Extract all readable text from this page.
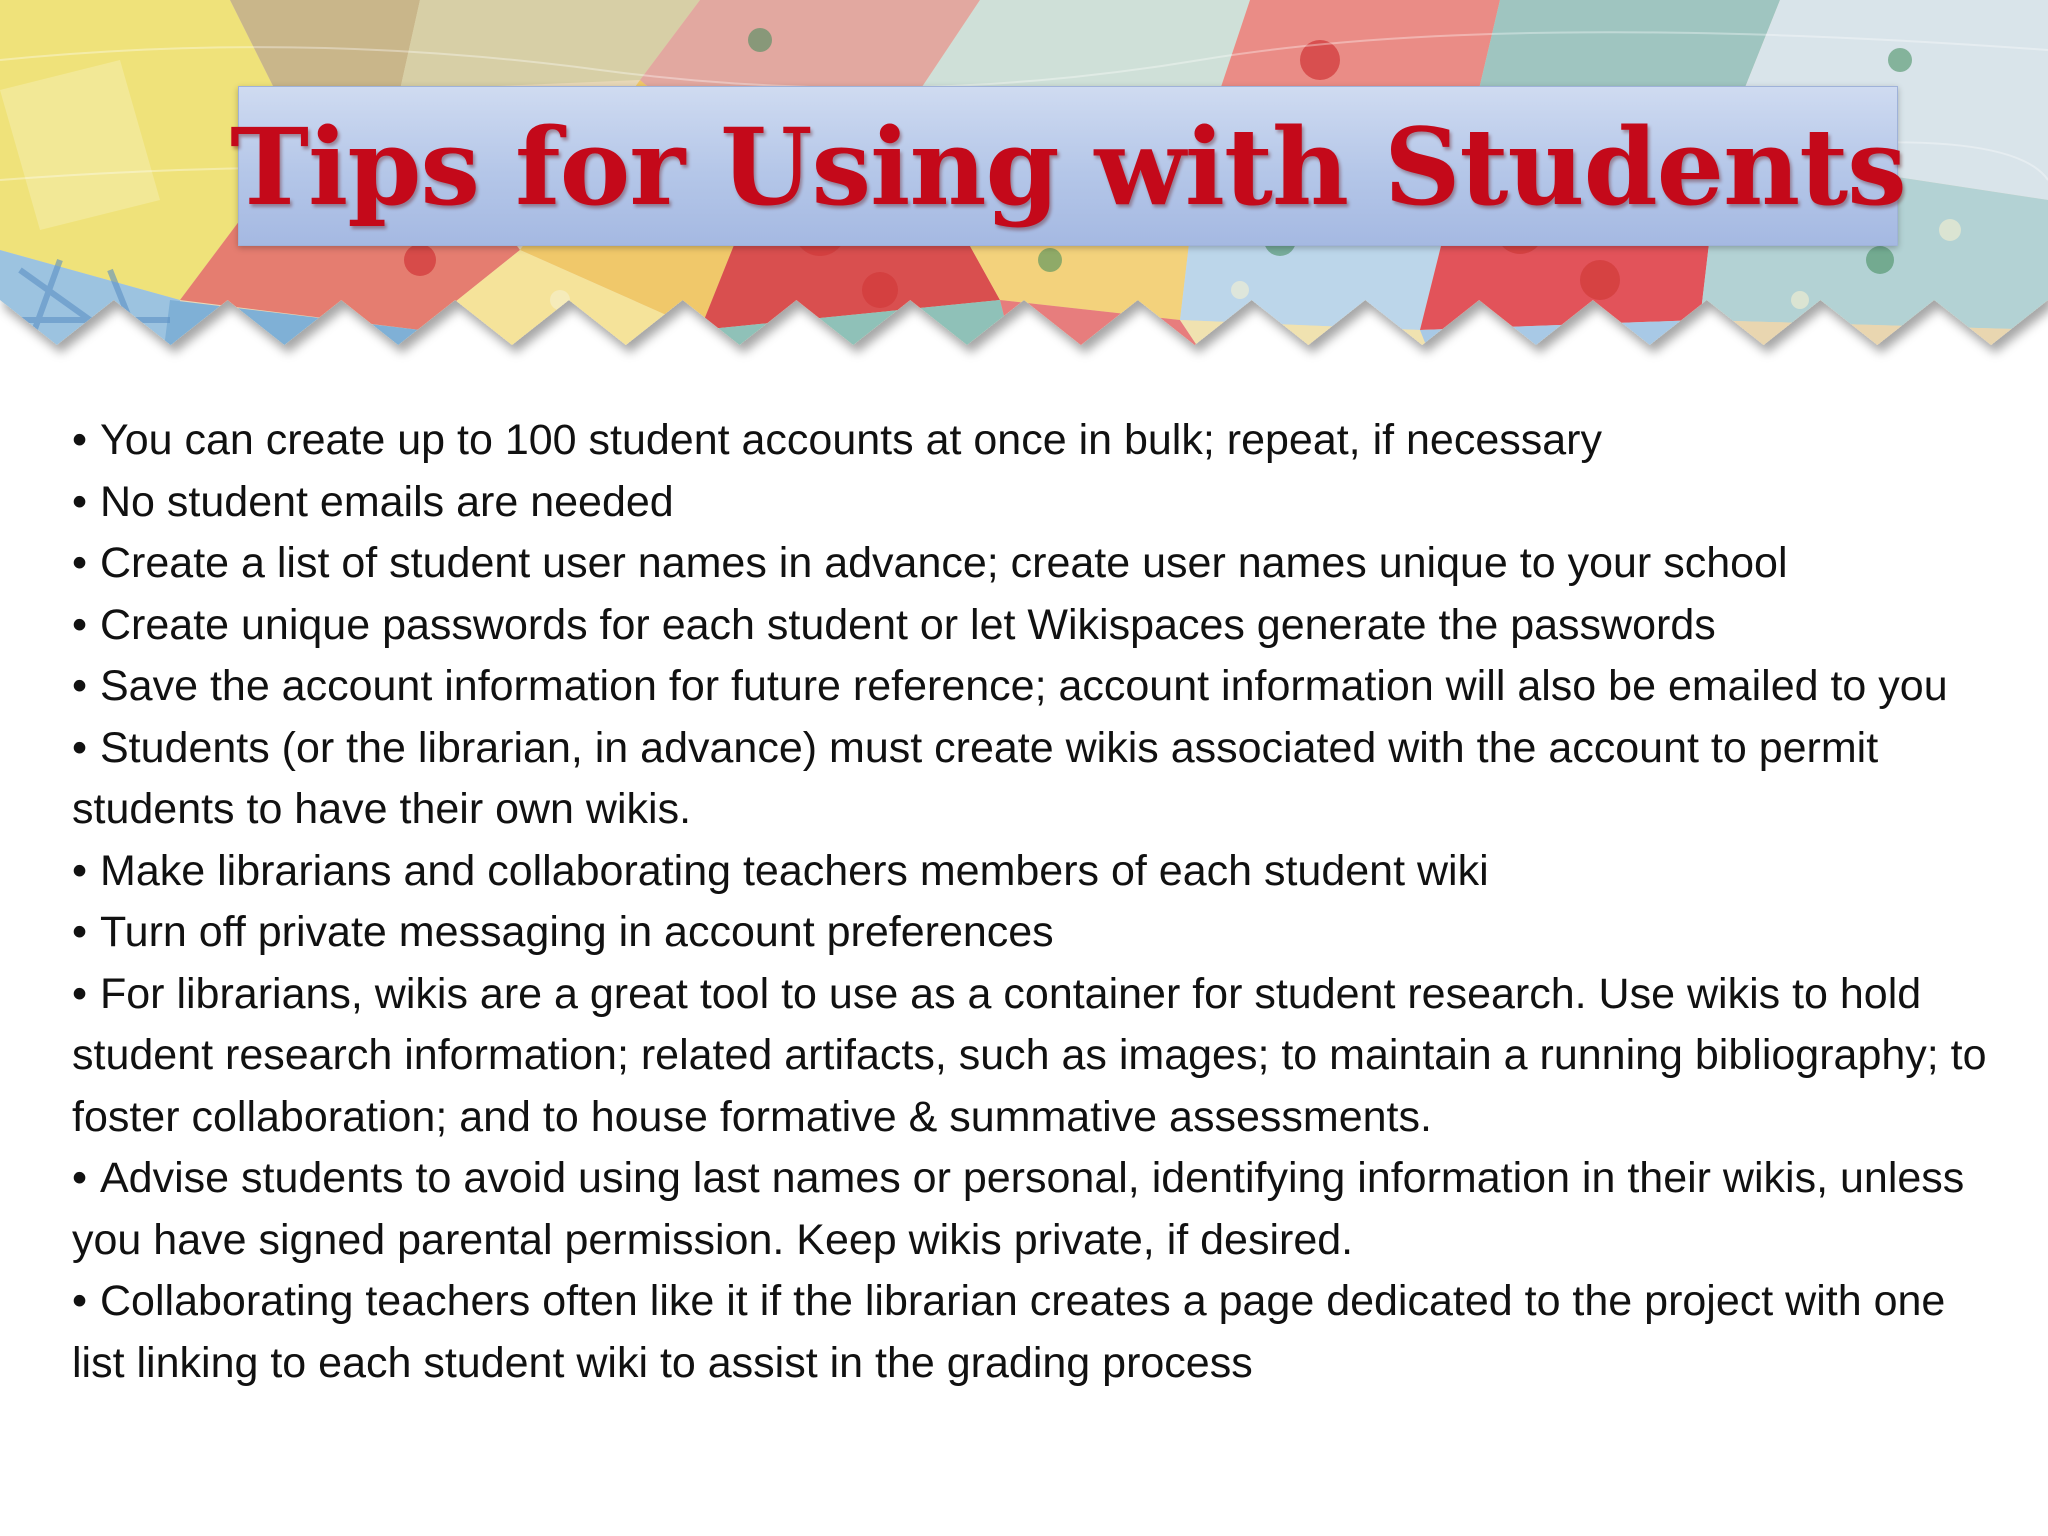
Tips for Using with Students
• You can create up to 100 student accounts at once in bulk; repeat, if necessary
• No student emails are needed
• Create a list of student user names in advance; create user names unique to your school
• Create unique passwords for each student or let Wikispaces generate the passwords
• Save the account information for future reference; account information will also be emailed to you
• Students (or the librarian, in advance) must create wikis associated with the account to permit students to have their own wikis.
• Make librarians and collaborating teachers members of each student wiki
• Turn off private messaging in account preferences
• For librarians, wikis are a great tool to use as a container for student research. Use wikis to hold student research information; related artifacts, such as images; to maintain a running bibliography; to foster collaboration; and to house formative & summative assessments.
• Advise students to avoid using last names or personal, identifying information in their wikis, unless you have signed parental permission. Keep wikis private, if desired.
• Collaborating teachers often like it if the librarian creates a page dedicated to the project with one list linking to each student wiki to assist in the grading process
